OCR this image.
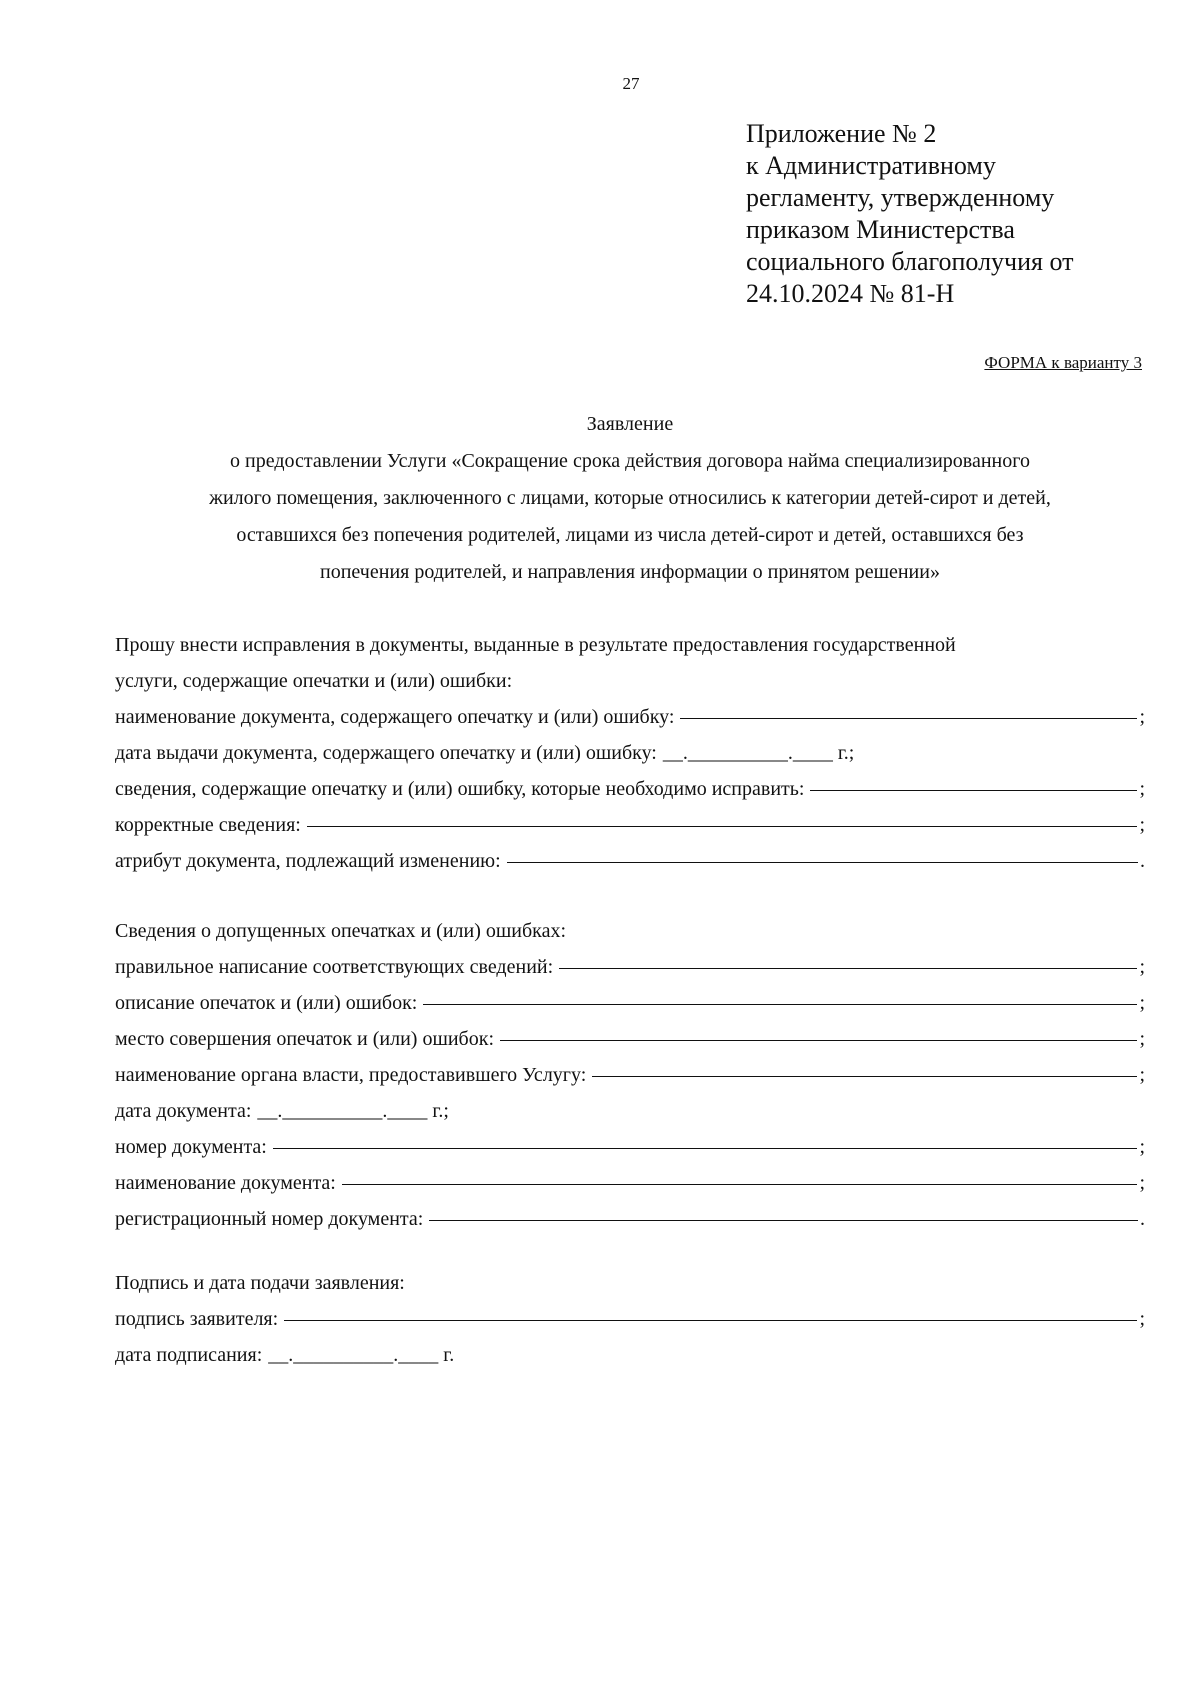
27
Приложение № 2
к Административному
регламенту, утвержденному
приказом Министерства
социального благополучия от
24.10.2024 № 81-Н
ФОРМА к варианту 3
Заявление
о предоставлении Услуги «Сокращение срока действия договора найма специализированного
жилого помещения, заключенного с лицами, которые относились к категории детей-сирот и детей,
оставшихся без попечения родителей, лицами из числа детей-сирот и детей, оставшихся без
попечения родителей, и направления информации о принятом решении»
Прошу внести исправления в документы, выданные в результате предоставления государственной
услуги, содержащие опечатки и (или) ошибки:
наименование документа, содержащего опечатку и (или) ошибку:	;
дата выдачи документа, содержащего опечатку и (или) ошибку: __.__________.____ г.;
сведения, содержащие опечатку и (или) ошибку, которые необходимо исправить:	;
корректные сведения:	;
атрибут документа, подлежащий изменению:	.
Сведения о допущенных опечатках и (или) ошибках:
правильное написание соответствующих сведений:	;
описание опечаток и (или) ошибок:	;
место совершения опечаток и (или) ошибок:	;
наименование органа власти, предоставившего Услугу:	;
дата документа: __.__________.____ г.;
номер документа:	;
наименование документа:	;
регистрационный номер документа:	.
Подпись и дата подачи заявления:
подпись заявителя:	;
дата подписания: __.__________.____ г.
